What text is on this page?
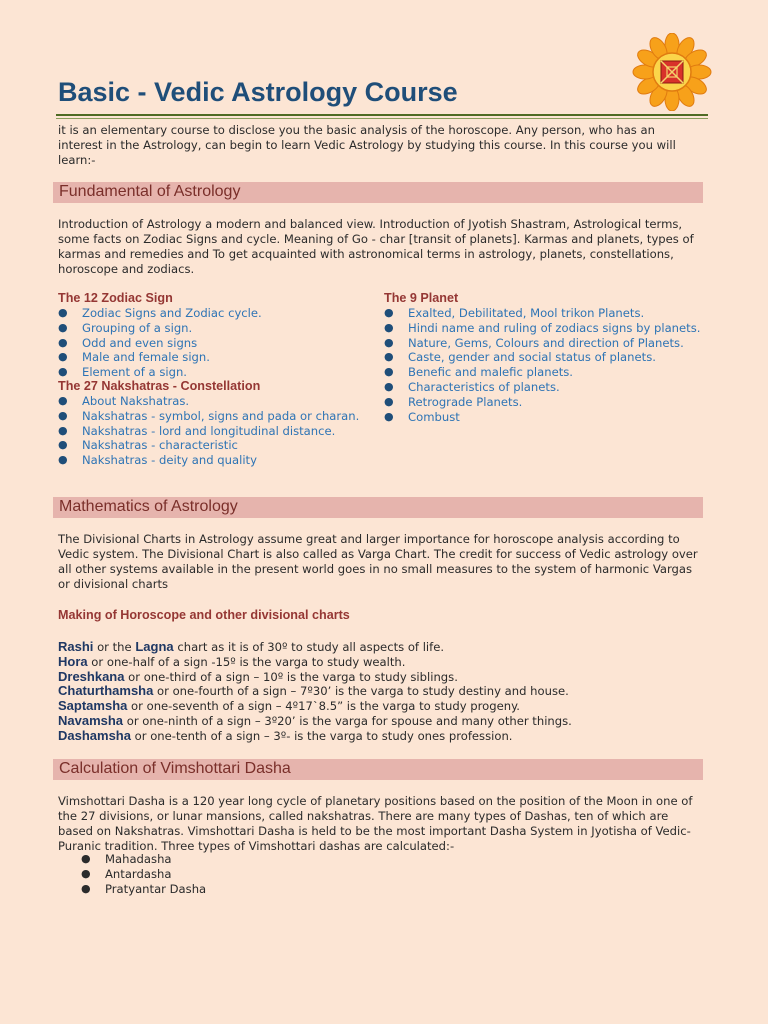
Basic - Vedic Astrology Course

it is an elementary course to disclose you the basic analysis of the horoscope. Any person, who has an interest in the Astrology, can begin to learn Vedic Astrology by studying this course. In this course you will learn:-

Fundamental of Astrology

Introduction of Astrology a modern and balanced view. Introduction of Jyotish Shastram, Astrological terms, some facts on Zodiac Signs and cycle. Meaning of Go - char [transit of planets]. Karmas and planets, types of karmas and remedies and To get acquainted with astronomical terms in astrology, planets, constellations, horoscope and zodiacs.

The 12 Zodiac Sign
● Zodiac Signs and Zodiac cycle.
● Grouping of a sign.
● Odd and even signs
● Male and female sign.
● Element of a sign.
The 27 Nakshatras - Constellation
● About Nakshatras.
● Nakshatras - symbol, signs and pada or charan.
● Nakshatras - lord and longitudinal distance.
● Nakshatras - characteristic
● Nakshatras - deity and quality
The 9 Planet
● Exalted, Debilitated, Mool trikon Planets.
● Hindi name and ruling of zodiacs signs by planets.
● Nature, Gems, Colours and direction of Planets.
● Caste, gender and social status of planets.
● Benefic and malefic planets.
● Characteristics of planets.
● Retrograde Planets.
● Combust
Mathematics of Astrology

The Divisional Charts in Astrology assume great and larger importance for horoscope analysis according to Vedic system. The Divisional Chart is also called as Varga Chart. The credit for success of Vedic astrology over all other systems available in the present world goes in no small measures to the system of harmonic Vargas or divisional charts

Making of Horoscope and other divisional charts
Rashi or the Lagna chart as it is of 30º to study all aspects of life.
Hora or one-half of a sign -15º is the varga to study wealth.
Dreshkana or one-third of a sign – 10º is the varga to study siblings.
Chaturthamsha or one-fourth of a sign – 7º30’ is the varga to study destiny and house.
Saptamsha or one-seventh of a sign – 4º17`8.5” is the varga to study progeny.
Navamsha or one-ninth of a sign – 3º20’ is the varga for spouse and many other things.
Dashamsha or one-tenth of a sign – 3º- is the varga to study ones profession.
Calculation of Vimshottari Dasha

Vimshottari Dasha is a 120 year long cycle of planetary positions based on the position of the Moon in one of the 27 divisions, or lunar mansions, called nakshatras. There are many types of Dashas, ten of which are based on Nakshatras. Vimshottari Dasha is held to be the most important Dasha System in Jyotisha of Vedic-Puranic tradition. Three types of Vimshottari dashas are calculated:-

● Mahadasha
● Antardasha
● Pratyantar Dasha
